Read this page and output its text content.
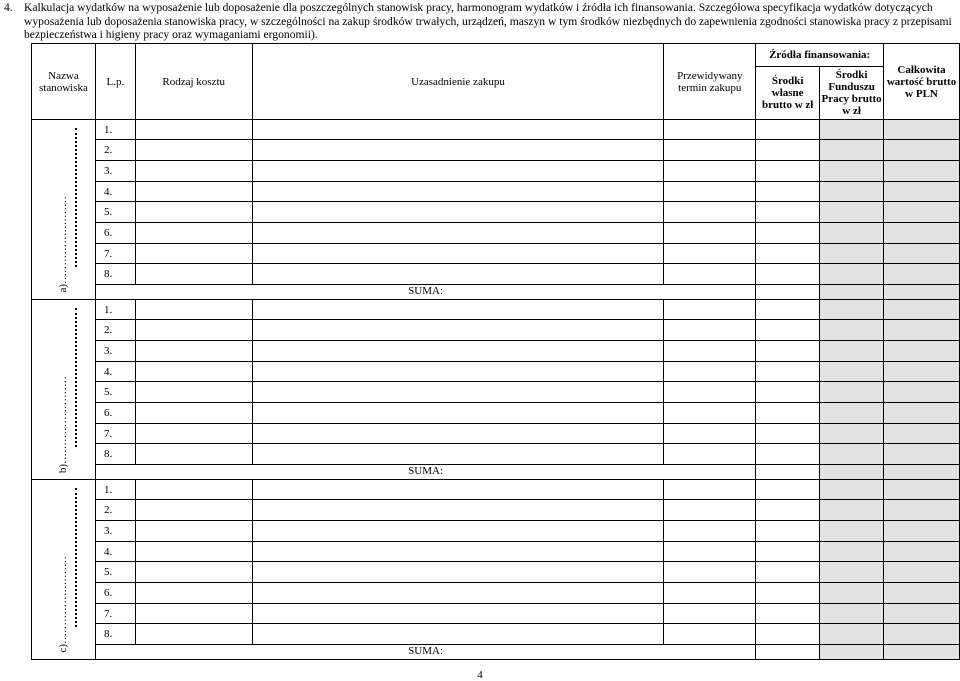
4. Kalkulacja wydatków na wyposażenie lub doposażenie dla poszczególnych stanowisk pracy, harmonogram wydatków i źródła ich finansowania. Szczegółowa specyfikacja wydatków dotyczących wyposażenia lub doposażenia stanowiska pracy, w szczególności na zakup środków trwałych, urządzeń, maszyn w tym środków niezbędnych do zapewnienia zgodności stanowiska pracy z przepisami bezpieczeństwa i higieny pracy oraz wymaganiami ergonomii).
Nazwa stanowiska	L.p.	Rodzaj kosztu	Uzasadnienie zakupu	Przewidywany termin zakupu	Źródła finansowania:		Całkowita wartość brutto w PLN
					Środki własne brutto w zł	Środki Funduszu Pracy brutto w zł	

a)……………………	1.						
	2.						
	3.						
	4.						
	5.						
	6.						
	7.						
	8.						
	SUMA:						

b)……………………	1.						
	2.						
	3.						
	4.						
	5.						
	6.						
	7.						
	8.						
	SUMA:						

c)……………………	1.						
	2.						
	3.						
	4.						
	5.						
	6.						
	7.						
	8.						
	SUMA:						
4
